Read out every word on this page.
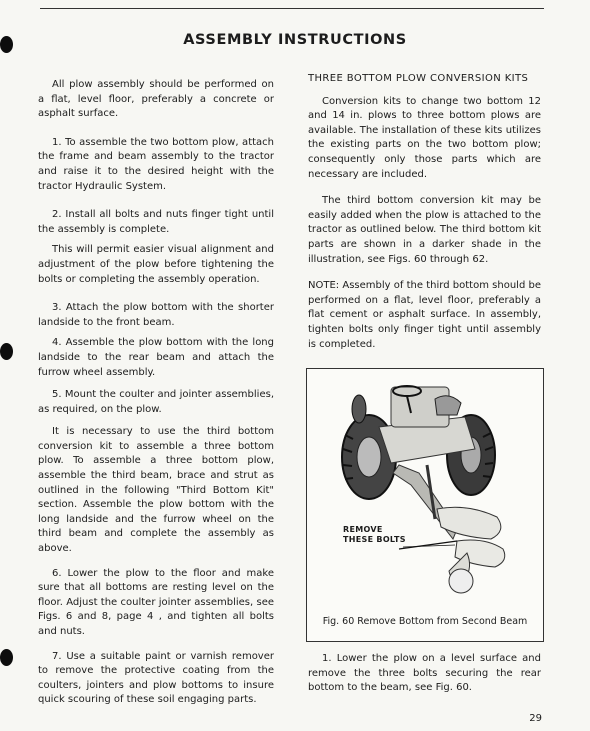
ASSEMBLY INSTRUCTIONS

All plow assembly should be performed on a flat, level floor, preferably a concrete or asphalt surface.

1. To assemble the two bottom plow, attach the frame and beam assembly to the tractor and raise it to the desired height with the tractor Hydraulic System.

2. Install all bolts and nuts finger tight until the assembly is complete.

This will permit easier visual alignment and adjustment of the plow before tightening the bolts or completing the assembly operation.

3. Attach the plow bottom with the shorter landside to the front beam.

4. Assemble the plow bottom with the long landside to the rear beam and attach the furrow wheel assembly.

5. Mount the coulter and jointer assemblies, as required, on the plow.

It is necessary to use the third bottom conversion kit to assemble a three bottom plow. To assemble a three bottom plow, assemble the third beam, brace and strut as outlined in the following "Third Bottom Kit" section. Assemble the plow bottom with the long landside and the furrow wheel on the third beam and complete the assembly as above.

6. Lower the plow to the floor and make sure that all bottoms are resting level on the floor. Adjust the coulter jointer assemblies, see Figs. 6 and 8, page 4 , and tighten all bolts and nuts.

7. Use a suitable paint or varnish remover to remove the protective coating from the coulters, jointers and plow bottoms to insure quick scouring of these soil engaging parts.

THREE BOTTOM PLOW CONVERSION KITS

Conversion kits to change two bottom 12 and 14 in. plows to three bottom plows are available. The installation of these kits utilizes the existing parts on the two bottom plow; consequently only those parts which are necessary are included.

The third bottom conversion kit may be easily added when the plow is attached to the tractor as outlined below. The third bottom kit parts are shown in a darker shade in the illustration, see Figs. 60 through 62.

NOTE: Assembly of the third bottom should be performed on a flat, level floor, preferably a flat cement or asphalt surface. In assembly, tighten bolts only finger tight until assembly is completed.

REMOVE
THESE BOLTS

Fig. 60 Remove Bottom from Second Beam

1. Lower the plow on a level surface and remove the three bolts securing the rear bottom to the beam, see Fig. 60.

29
